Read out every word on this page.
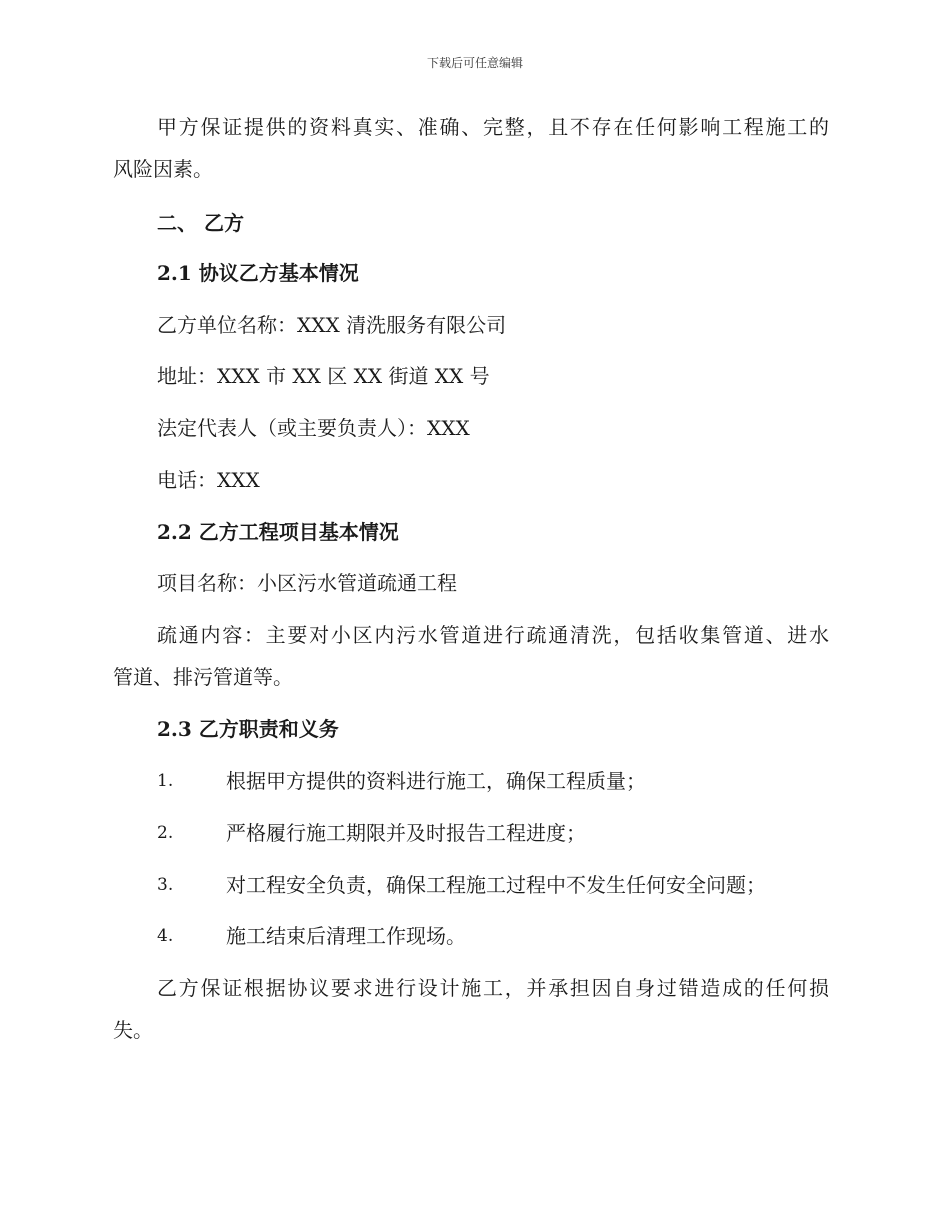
下载后可任意编辑
甲方保证提供的资料真实、准确、完整，且不存在任何影响工程施工的
风险因素。
二、 乙方
2.1 协议乙方基本情况
乙方单位名称：XXX 清洗服务有限公司
地址：XXX 市 XX 区 XX 街道 XX 号
法定代表人（或主要负责人）：XXX
电话：XXX
2.2 乙方工程项目基本情况
项目名称：小区污水管道疏通工程
疏通内容：主要对小区内污水管道进行疏通清洗，包括收集管道、进水
管道、排污管道等。
2.3 乙方职责和义务
1.	根据甲方提供的资料进行施工，确保工程质量；
2.	严格履行施工期限并及时报告工程进度；
3.	对工程安全负责，确保工程施工过程中不发生任何安全问题；
4.	施工结束后清理工作现场。
乙方保证根据协议要求进行设计施工，并承担因自身过错造成的任何损
失。
